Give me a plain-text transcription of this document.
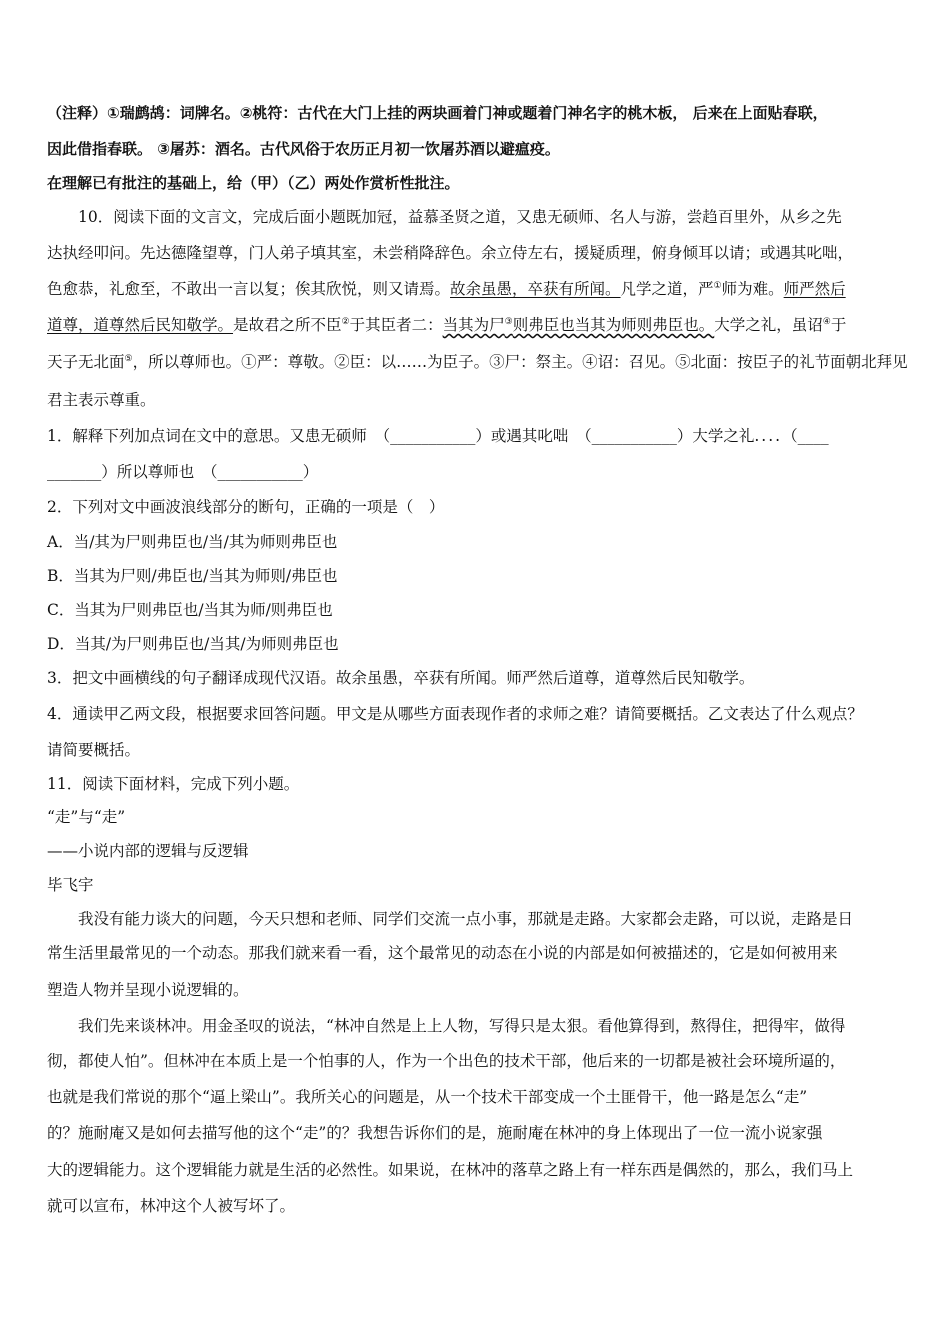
（注释）①瑞鹧鸪：词牌名。②桃符：古代在大门上挂的两块画着门神或题着门神名字的桃木板， 后来在上面贴春联，
因此借指春联。 ③屠苏：酒名。古代风俗于农历正月初一饮屠苏酒以避瘟疫。
在理解已有批注的基础上，给（甲）（乙）两处作赏析性批注。
10．阅读下面的文言文，完成后面小题既加冠，益慕圣贤之道，又患无硕师、名人与游，尝趋百里外，从乡之先
达执经叩问。先达德隆望尊，门人弟子填其室，未尝稍降辞色。余立侍左右，援疑质理，俯身倾耳以请；或遇其叱咄，
色愈恭，礼愈至，不敢出一言以复；俟其欣悦，则又请焉。故余虽愚，卒获有所闻。凡学之道，严①师为难。师严然后
道尊，道尊然后民知敬学。是故君之所不臣②于其臣者二：当其为尸③则弗臣也当其为师则弗臣也。大学之礼，虽诏④于
天子无北面⑤，所以尊师也。①严：尊敬。②臣：以……为臣子。③尸：祭主。④诏：召见。⑤北面：按臣子的礼节面朝北拜见
君主表示尊重。
1．解释下列加点词在文中的意思。又患无硕师　（___________）或遇其叱咄　（___________）大学之礼....（____
_______）所以尊师也　（___________）
2．下列对文中画波浪线部分的断句，正确的一项是（　）
A．当/其为尸则弗臣也/当/其为师则弗臣也
B．当其为尸则/弗臣也/当其为师则/弗臣也
C．当其为尸则弗臣也/当其为师/则弗臣也
D．当其/为尸则弗臣也/当其/为师则弗臣也
3．把文中画横线的句子翻译成现代汉语。故余虽愚，卒获有所闻。师严然后道尊，道尊然后民知敬学。
4．通读甲乙两文段，根据要求回答问题。甲文是从哪些方面表现作者的求师之难？请简要概括。乙文表达了什么观点？
请简要概括。
11．阅读下面材料，完成下列小题。
“走”与“走”
——小说内部的逻辑与反逻辑
毕飞宇
我没有能力谈大的问题，今天只想和老师、同学们交流一点小事，那就是走路。大家都会走路，可以说，走路是日
常生活里最常见的一个动态。那我们就来看一看，这个最常见的动态在小说的内部是如何被描述的，它是如何被用来
塑造人物并呈现小说逻辑的。
我们先来谈林冲。用金圣叹的说法，“林冲自然是上上人物，写得只是太狠。看他算得到，熬得住，把得牢，做得
彻，都使人怕”。但林冲在本质上是一个怕事的人，作为一个出色的技术干部，他后来的一切都是被社会环境所逼的，
也就是我们常说的那个“逼上梁山”。我所关心的问题是，从一个技术干部变成一个土匪骨干，他一路是怎么“走”
的？施耐庵又是如何去描写他的这个“走”的？我想告诉你们的是，施耐庵在林冲的身上体现出了一位一流小说家强
大的逻辑能力。这个逻辑能力就是生活的必然性。如果说，在林冲的落草之路上有一样东西是偶然的，那么，我们马上
就可以宣布，林冲这个人被写坏了。
